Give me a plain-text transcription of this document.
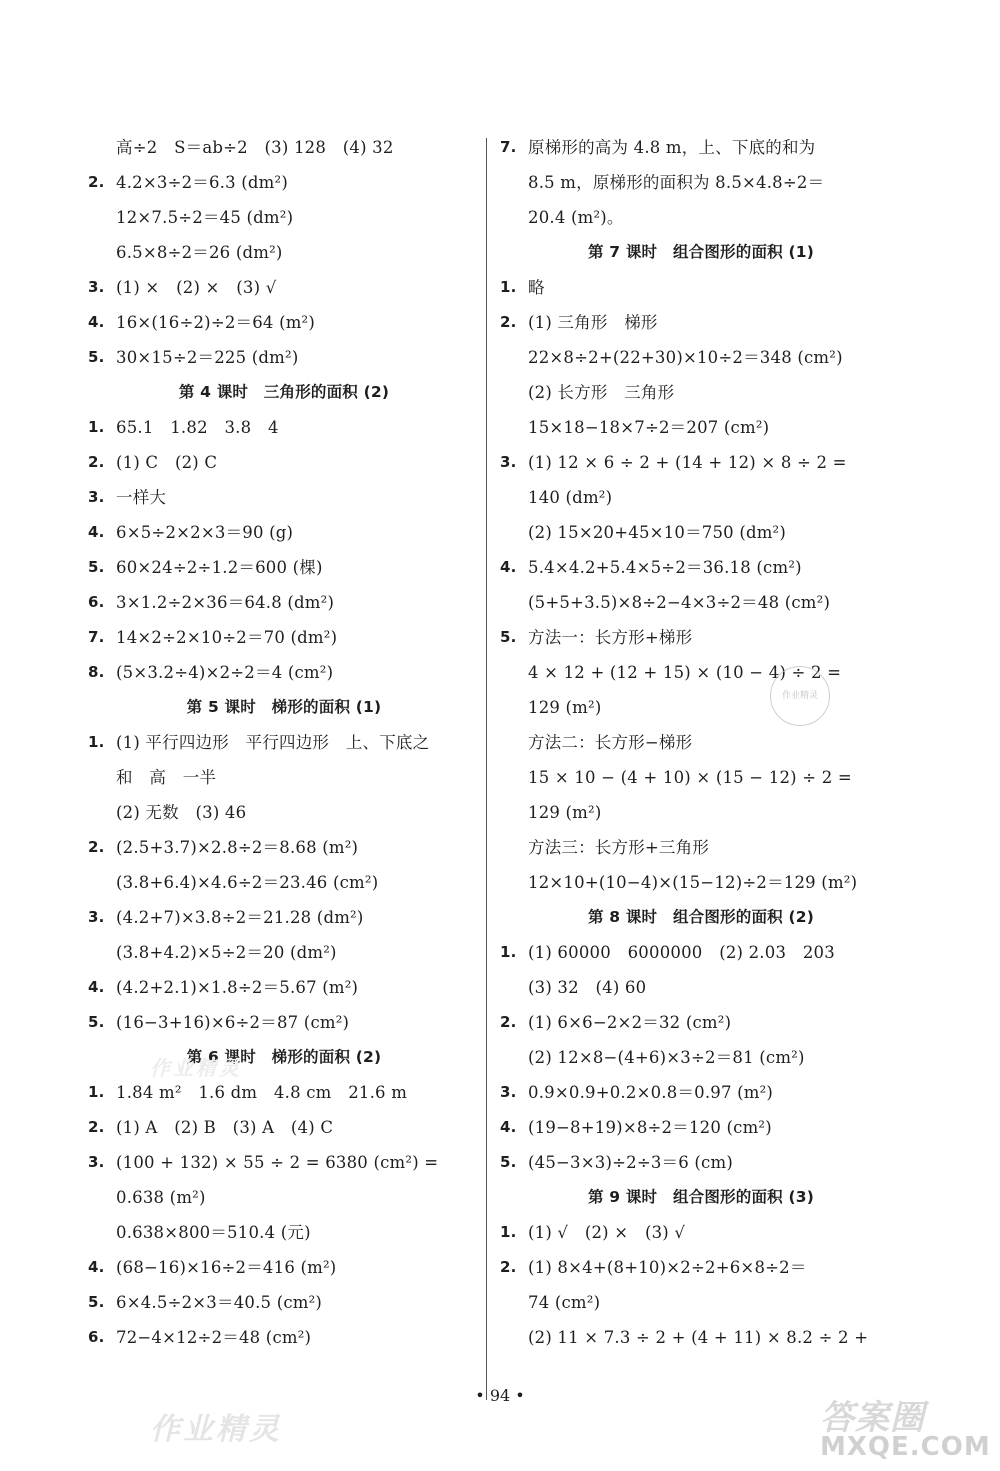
高÷2　S＝ab÷2　(3) 128　(4) 32
2. 4.2×3÷2＝6.3 (dm²)
12×7.5÷2＝45 (dm²)
6.5×8÷2＝26 (dm²)
3. (1) ×　(2) ×　(3) √
4. 16×(16÷2)÷2＝64 (m²)
5. 30×15÷2＝225 (dm²)
第 4 课时　三角形的面积 (2)
1. 65.1　1.82　3.8　4
2. (1) C　(2) C
3. 一样大
4. 6×5÷2×2×3＝90 (g)
5. 60×24÷2÷1.2＝600 (棵)
6. 3×1.2÷2×36＝64.8 (dm²)
7. 14×2÷2×10÷2＝70 (dm²)
8. (5×3.2÷4)×2÷2＝4 (cm²)
第 5 课时　梯形的面积 (1)
1. (1) 平行四边形　平行四边形　上、下底之
和　高　一半
(2) 无数　(3) 46
2. (2.5+3.7)×2.8÷2＝8.68 (m²)
(3.8+6.4)×4.6÷2＝23.46 (cm²)
3. (4.2+7)×3.8÷2＝21.28 (dm²)
(3.8+4.2)×5÷2＝20 (dm²)
4. (4.2+2.1)×1.8÷2＝5.67 (m²)
5. (16−3+16)×6÷2＝87 (cm²)
第 6 课时　梯形的面积 (2)
1. 1.84 m²　1.6 dm　4.8 cm　21.6 m
2. (1) A　(2) B　(3) A　(4) C
3. (100 + 132) × 55 ÷ 2 = 6380 (cm²) =
0.638 (m²)
0.638×800＝510.4 (元)
4. (68−16)×16÷2＝416 (m²)
5. 6×4.5÷2×3＝40.5 (cm²)
6. 72−4×12÷2＝48 (cm²)
7. 原梯形的高为 4.8 m，上、下底的和为
8.5 m，原梯形的面积为 8.5×4.8÷2＝
20.4 (m²)。
第 7 课时　组合图形的面积 (1)
1. 略
2. (1) 三角形　梯形
22×8÷2+(22+30)×10÷2＝348 (cm²)
(2) 长方形　三角形
15×18−18×7÷2＝207 (cm²)
3. (1) 12 × 6 ÷ 2 + (14 + 12) × 8 ÷ 2 =
140 (dm²)
(2) 15×20+45×10＝750 (dm²)
4. 5.4×4.2+5.4×5÷2＝36.18 (cm²)
(5+5+3.5)×8÷2−4×3÷2＝48 (cm²)
5. 方法一：长方形+梯形
4 × 12 + (12 + 15) × (10 − 4) ÷ 2 =
129 (m²)
方法二：长方形−梯形
15 × 10 − (4 + 10) × (15 − 12) ÷ 2 =
129 (m²)
方法三：长方形+三角形
12×10+(10−4)×(15−12)÷2＝129 (m²)
第 8 课时　组合图形的面积 (2)
1. (1) 60000　6000000　(2) 2.03　203
(3) 32　(4) 60
2. (1) 6×6−2×2＝32 (cm²)
(2) 12×8−(4+6)×3÷2＝81 (cm²)
3. 0.9×0.9+0.2×0.8＝0.97 (m²)
4. (19−8+19)×8÷2＝120 (cm²)
5. (45−3×3)÷2÷3＝6 (cm)
第 9 课时　组合图形的面积 (3)
1. (1) √　(2) ×　(3) √
2. (1) 8×4+(8+10)×2÷2+6×8÷2＝
74 (cm²)
(2) 11 × 7.3 ÷ 2 + (4 + 11) × 8.2 ÷ 2 +
作业精灵
作业精灵
作业精灵	答案圈
MXQE.COM
• 94 •
